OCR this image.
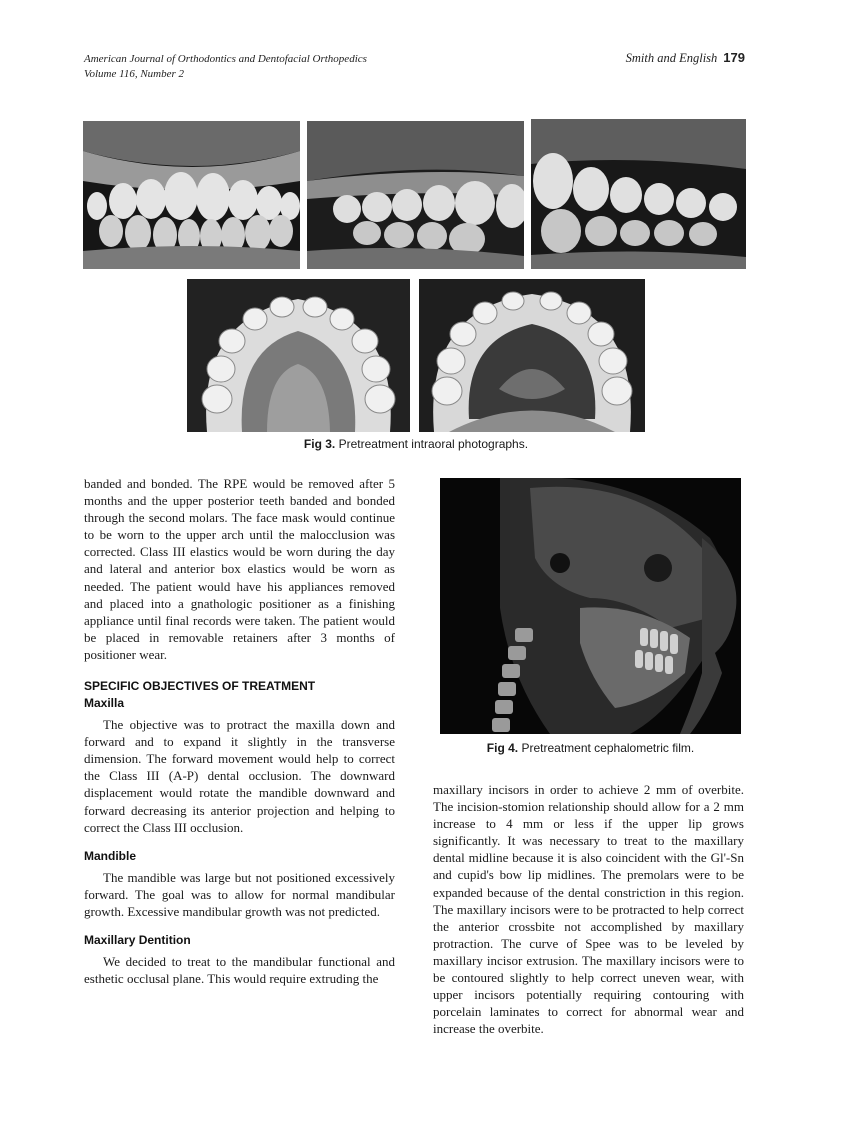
American Journal of Orthodontics and Dentofacial Orthopedics
Volume 116, Number 2
Smith and English 179
Fig 3. Pretreatment intraoral photographs.
Fig 4. Pretreatment cephalometric film.

banded and bonded. The RPE would be removed after 5 months and the upper posterior teeth banded and bonded through the second molars. The face mask would continue to be worn to the upper arch until the malocclusion was corrected. Class III elastics would be worn during the day and lateral and anterior box elastics would be worn as needed. The patient would have his appliances removed and placed into a gnathologic positioner as a finishing appliance until final records were taken. The patient would be placed in removable retainers after 3 months of positioner wear.

SPECIFIC OBJECTIVES OF TREATMENT
Maxilla

The objective was to protract the maxilla down and forward and to expand it slightly in the transverse dimension. The forward movement would help to correct the Class III (A-P) dental occlusion. The downward displacement would rotate the mandible downward and forward decreasing its anterior projection and helping to correct the Class III occlusion.

Mandible

The mandible was large but not positioned excessively forward. The goal was to allow for normal mandibular growth. Excessive mandibular growth was not predicted.

Maxillary Dentition

We decided to treat to the mandibular functional and esthetic occlusal plane. This would require extruding the

maxillary incisors in order to achieve 2 mm of overbite. The incision-stomion relationship should allow for a 2 mm increase to 4 mm or less if the upper lip grows significantly. It was necessary to treat to the maxillary dental midline because it is also coincident with the Gl'-Sn and cupid's bow lip midlines. The premolars were to be expanded because of the dental constriction in this region. The maxillary incisors were to be protracted to help correct the anterior crossbite not accomplished by maxillary protraction. The curve of Spee was to be leveled by maxillary incisor extrusion. The maxillary incisors were to be contoured slightly to help correct uneven wear, with upper incisors potentially requiring contouring with porcelain laminates to correct for abnormal wear and increase the overbite.
